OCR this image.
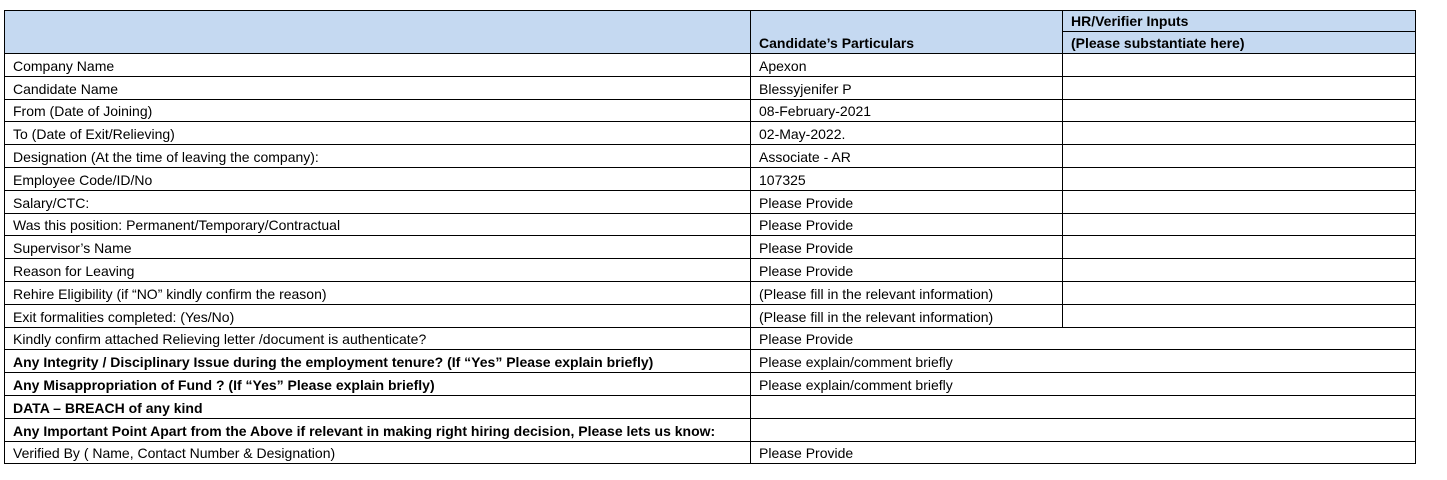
	Candidate’s Particulars	HR/Verifier Inputs
		(Please substantiate here)
Company Name	Apexon	
Candidate Name	Blessyjenifer P	
From (Date of Joining)	08-February-2021	
To (Date of Exit/Relieving)	02-May-2022.	
Designation (At the time of leaving the company):	Associate - AR	
Employee Code/ID/No	107325	
Salary/CTC:	Please Provide	
Was this position: Permanent/Temporary/Contractual	Please Provide	
Supervisor’s Name	Please Provide	
Reason for Leaving	Please Provide	
Rehire Eligibility (if “NO” kindly confirm the reason)	(Please fill in the relevant information)	
Exit formalities completed: (Yes/No)	(Please fill in the relevant information)	
Kindly confirm attached Relieving letter /document is authenticate?	Please Provide	
Any Integrity / Disciplinary Issue during the employment tenure? (If “Yes” Please explain briefly)	Please explain/comment briefly	
Any Misappropriation of Fund ? (If “Yes” Please explain briefly)	Please explain/comment briefly	
DATA – BREACH of any kind		
Any Important Point Apart from the Above if relevant in making right hiring decision, Please lets us know:		
Verified By ( Name, Contact Number & Designation)	Please Provide	
